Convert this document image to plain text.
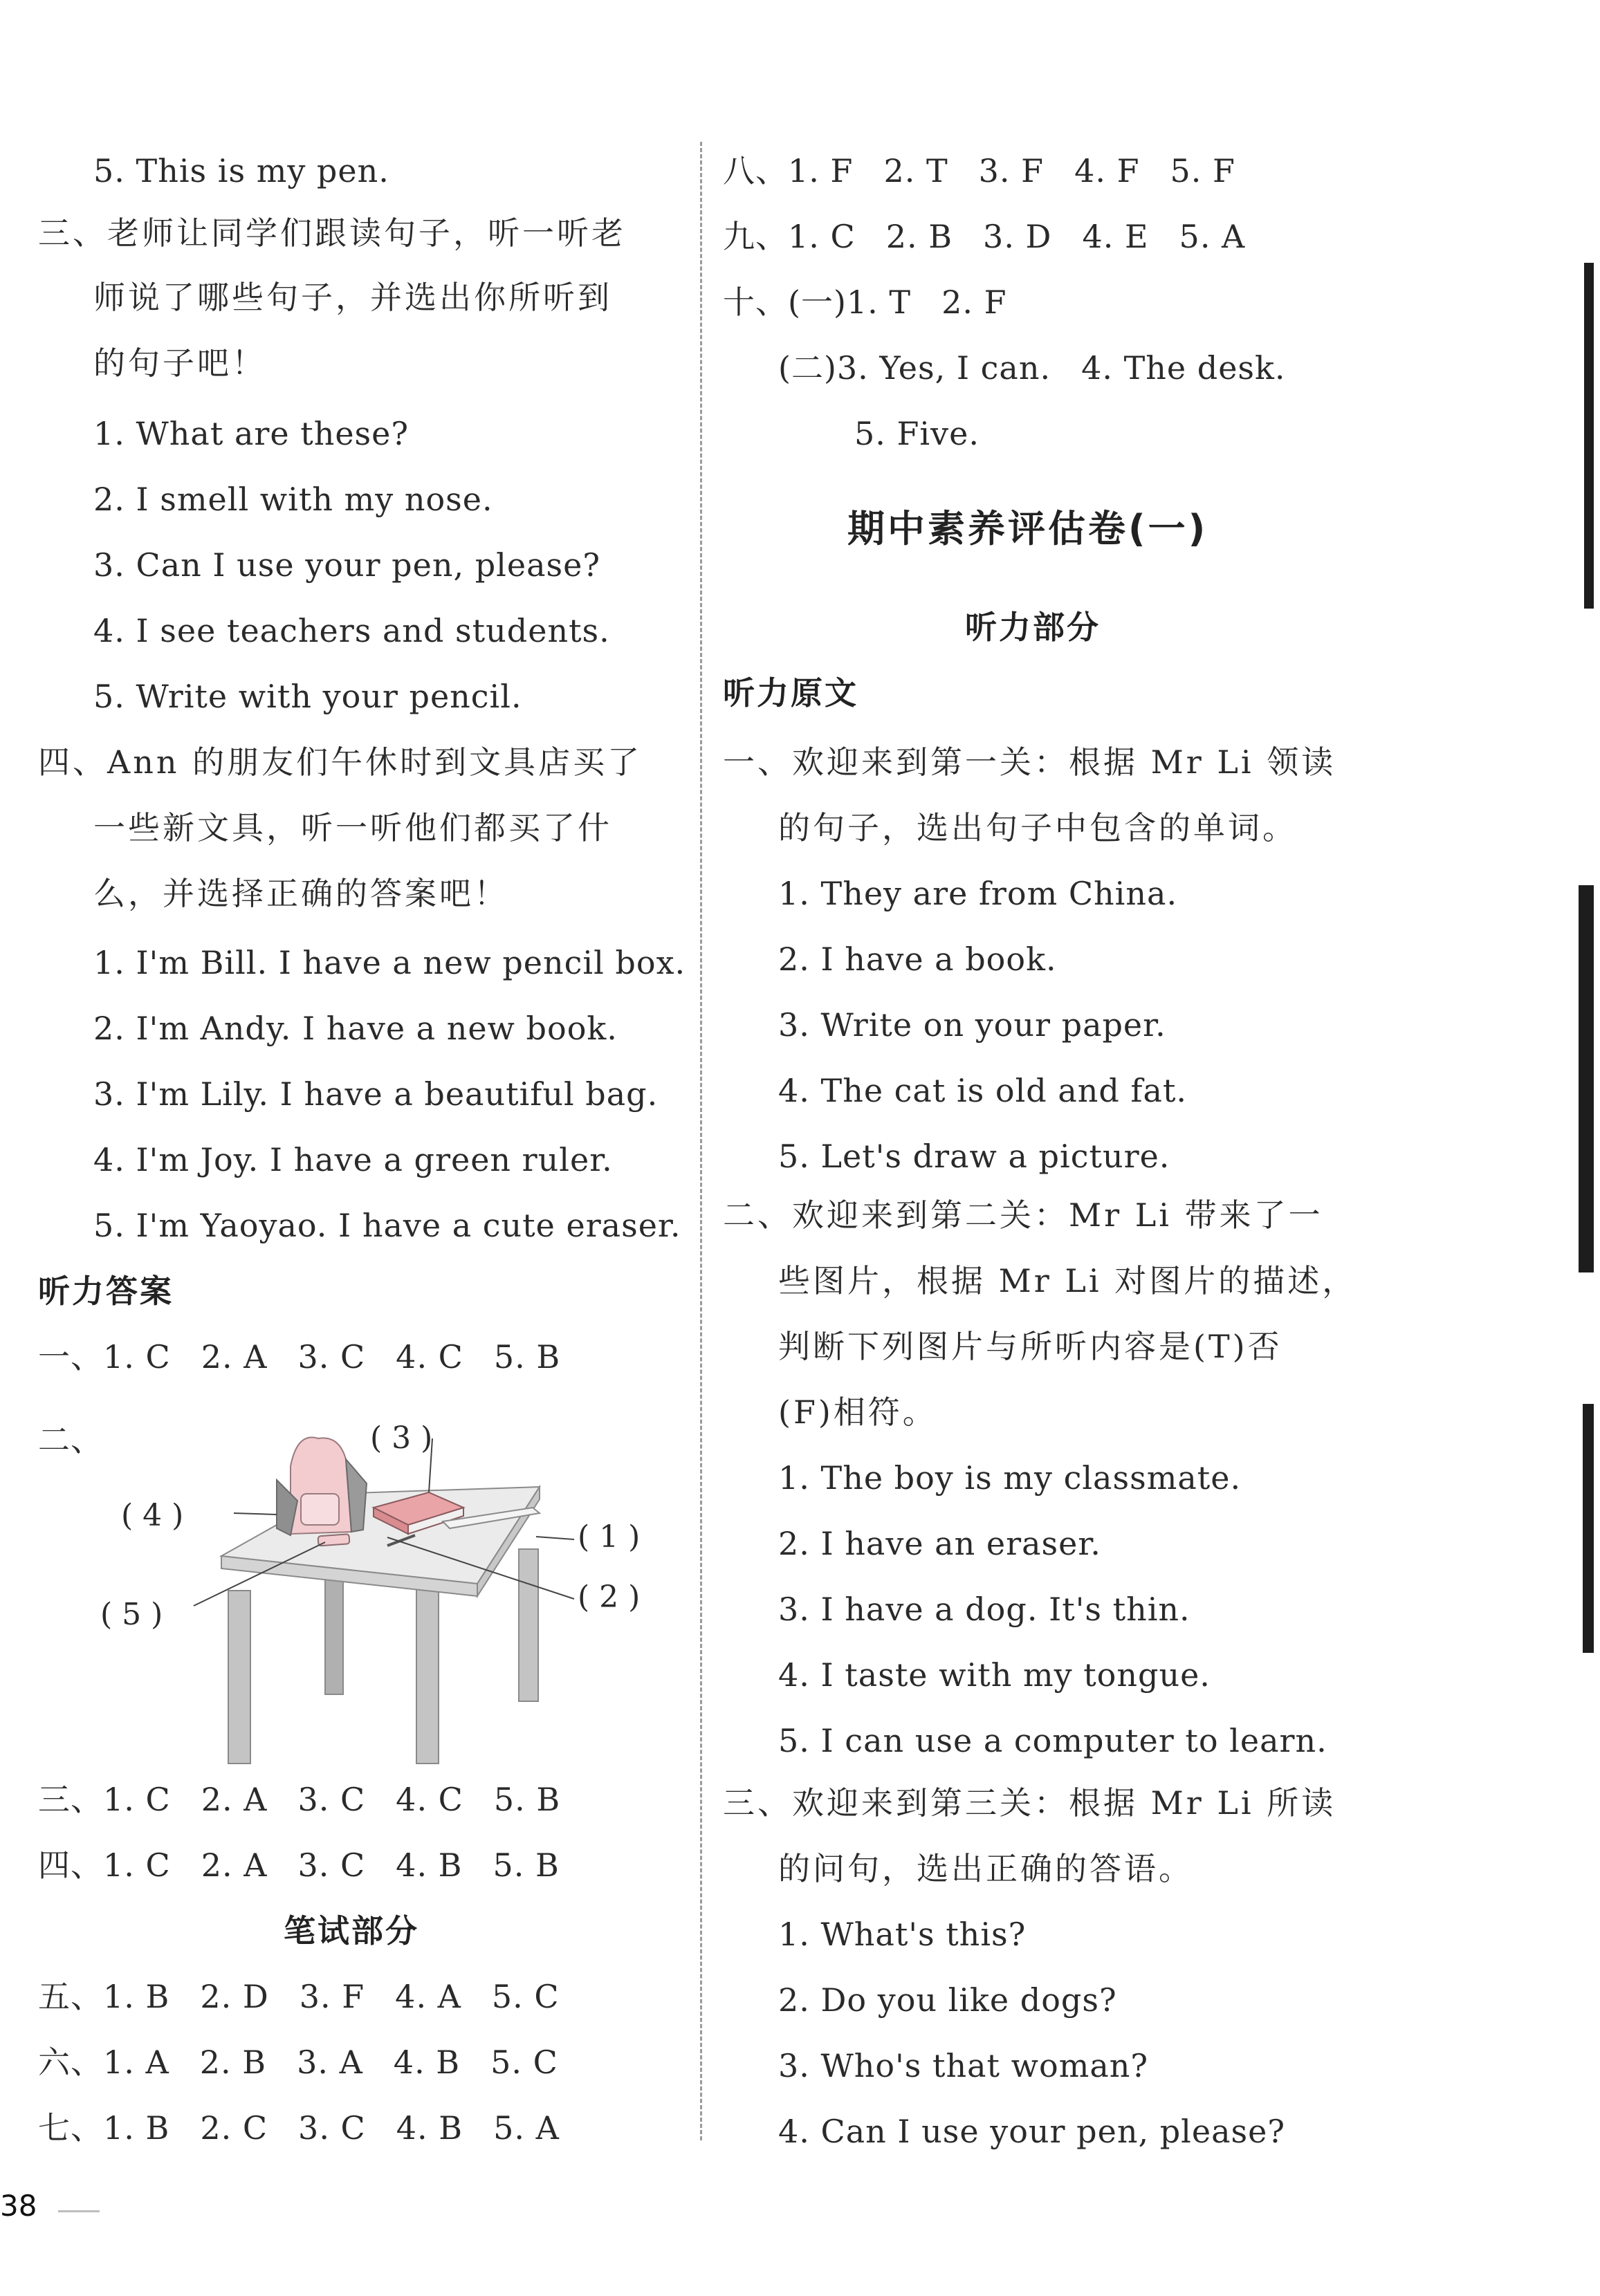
5. This is my pen.
三、老师让同学们跟读句子，听一听老
师说了哪些句子，并选出你所听到
的句子吧！
1. What are these?
2. I smell with my nose.
3. Can I use your pen, please?
4. I see teachers and students.
5. Write with your pencil.
四、Ann 的朋友们午休时到文具店买了
一些新文具，听一听他们都买了什
么，并选择正确的答案吧！
1. I'm Bill. I have a new pencil box.
2. I'm Andy. I have a new book.
3. I'm Lily. I have a beautiful bag.
4. I'm Joy. I have a green ruler.
5. I'm Yaoyao. I have a cute eraser.
听力答案
一、1. C 2. A 3. C 4. C 5. B
二、	( 3 )
( 4 )
( 1 )
( 2 )
( 5 )
三、1. C 2. A 3. C 4. C 5. B
四、1. C 2. A 3. C 4. B 5. B
笔试部分
五、1. B 2. D 3. F 4. A 5. C
六、1. A 2. B 3. A 4. B 5. C
七、1. B 2. C 3. C 4. B 5. A
八、1. F 2. T 3. F 4. F 5. F
九、1. C 2. B 3. D 4. E 5. A
十、(一)1. T 2. F
(二)3. Yes, I can. 4. The desk.
5. Five.
期中素养评估卷(一)
听力部分
听力原文
一、欢迎来到第一关：根据 Mr Li 领读
的句子，选出句子中包含的单词。
1. They are from China.
2. I have a book.
3. Write on your paper.
4. The cat is old and fat.
5. Let's draw a picture.
二、欢迎来到第二关：Mr Li 带来了一
些图片，根据 Mr Li 对图片的描述，
判断下列图片与所听内容是(T)否
(F)相符。
1. The boy is my classmate.
2. I have an eraser.
3. I have a dog. It's thin.
4. I taste with my tongue.
5. I can use a computer to learn.
三、欢迎来到第三关：根据 Mr Li 所读
的问句，选出正确的答语。
1. What's this?
2. Do you like dogs?
3. Who's that woman?
4. Can I use your pen, please?
38
